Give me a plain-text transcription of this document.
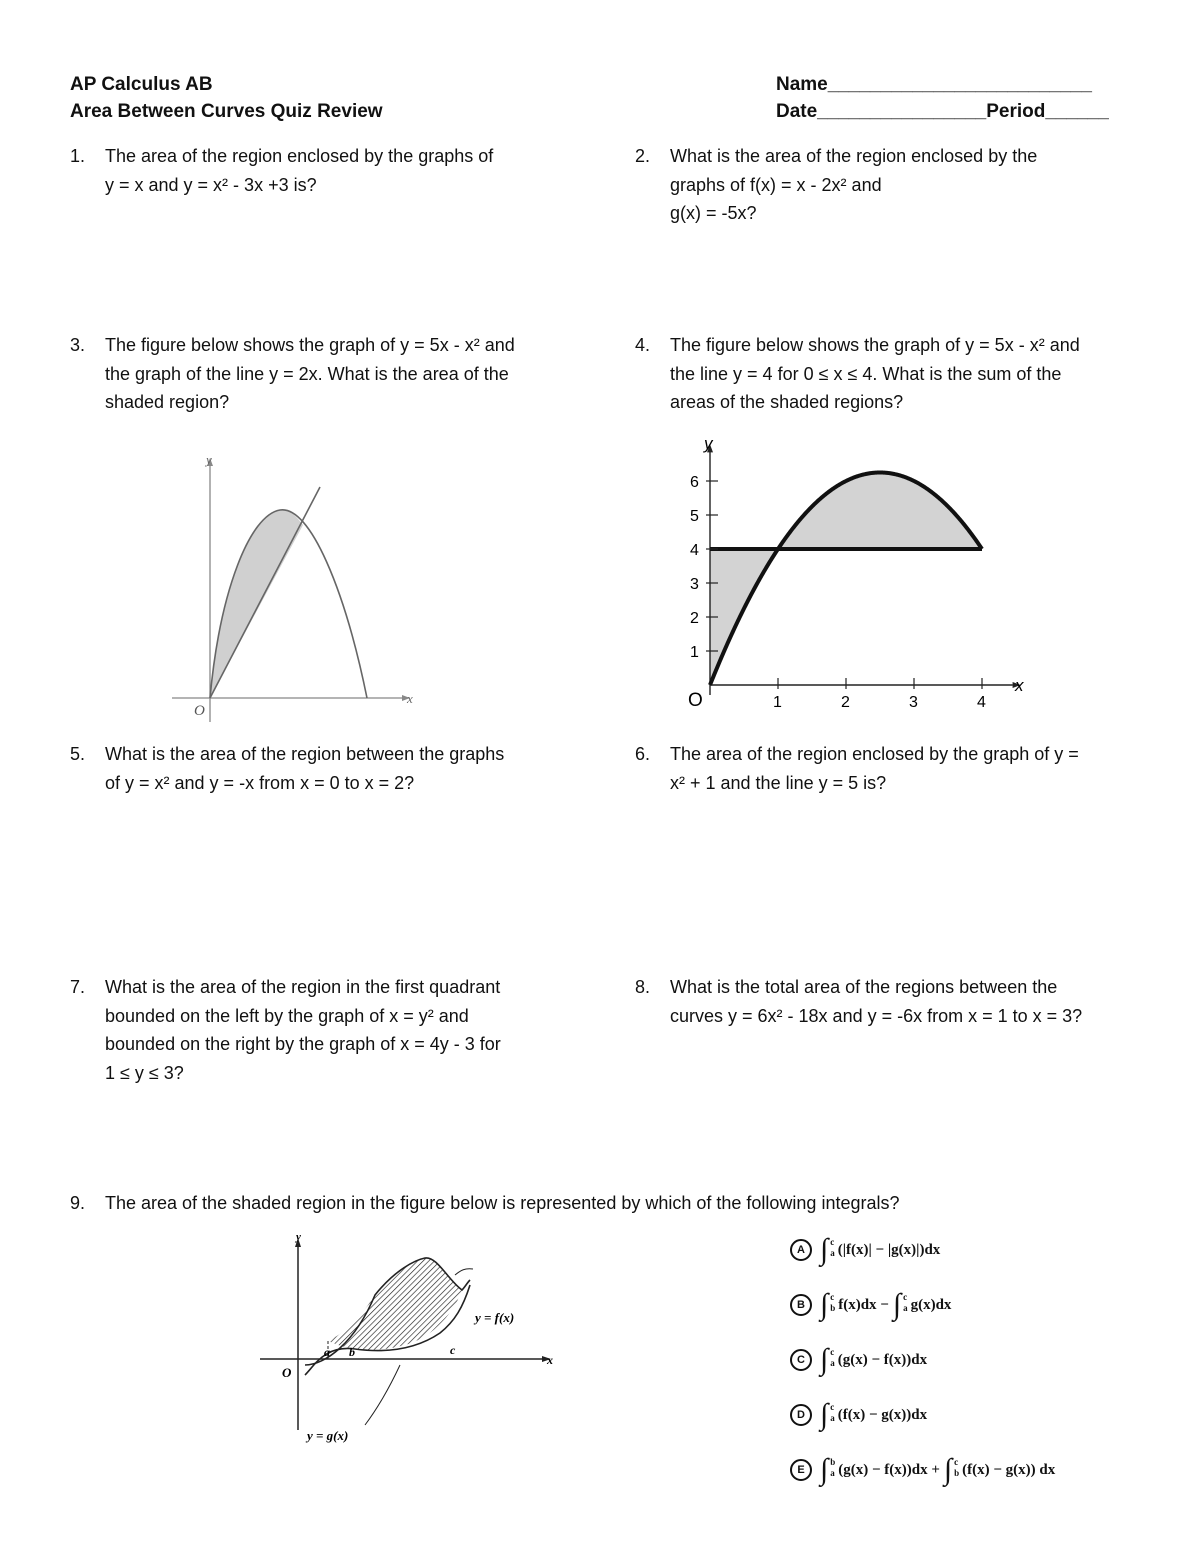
AP Calculus AB
Area Between Curves Quiz Review
Name_________________________
Date________________Period______
1. The area of the region enclosed by the graphs of
y = x and y = x² - 3x +3 is?
2. What is the area of the region enclosed by the
graphs of f(x) = x - 2x² and
g(x) = -5x?
3. The figure below shows the graph of y = 5x - x² and
the graph of the line y = 2x. What is the area of the
shaded region?
4. The figure below shows the graph of y = 5x - x² and
the line y = 4 for 0 ≤ x ≤ 4. What is the sum of the
areas of the shaded regions?
5. What is the area of the region between the graphs
of y = x² and y = -x from x = 0 to x = 2?
6. The area of the region enclosed by the graph of y =
x² + 1 and the line y = 5 is?
7. What is the area of the region in the first quadrant
bounded on the left by the graph of x = y² and
bounded on the right by the graph of x = 4y - 3 for
1 ≤ y ≤ 3?
8. What is the total area of the regions between the
curves y = 6x² - 18x and y = -6x from x = 1 to x = 3?
9. The area of the shaded region in the figure below is represented by which of the following integrals?
y
x
O
1
2
3
4
5
6
1	2	3	4
y
x
O
y
x
O
a b	c
y = f(x)
y = g(x)
A ∫ c
a (|f(x)| − |g(x)|)dx
B ∫ c
b f(x)dx − ∫ c
a g(x)dx
C ∫ c
a (g(x) − f(x))dx
D ∫ c
a (f(x) − g(x))dx
E ∫ b
a (g(x) − f(x))dx + ∫ c
b (f(x) − g(x)) dx
